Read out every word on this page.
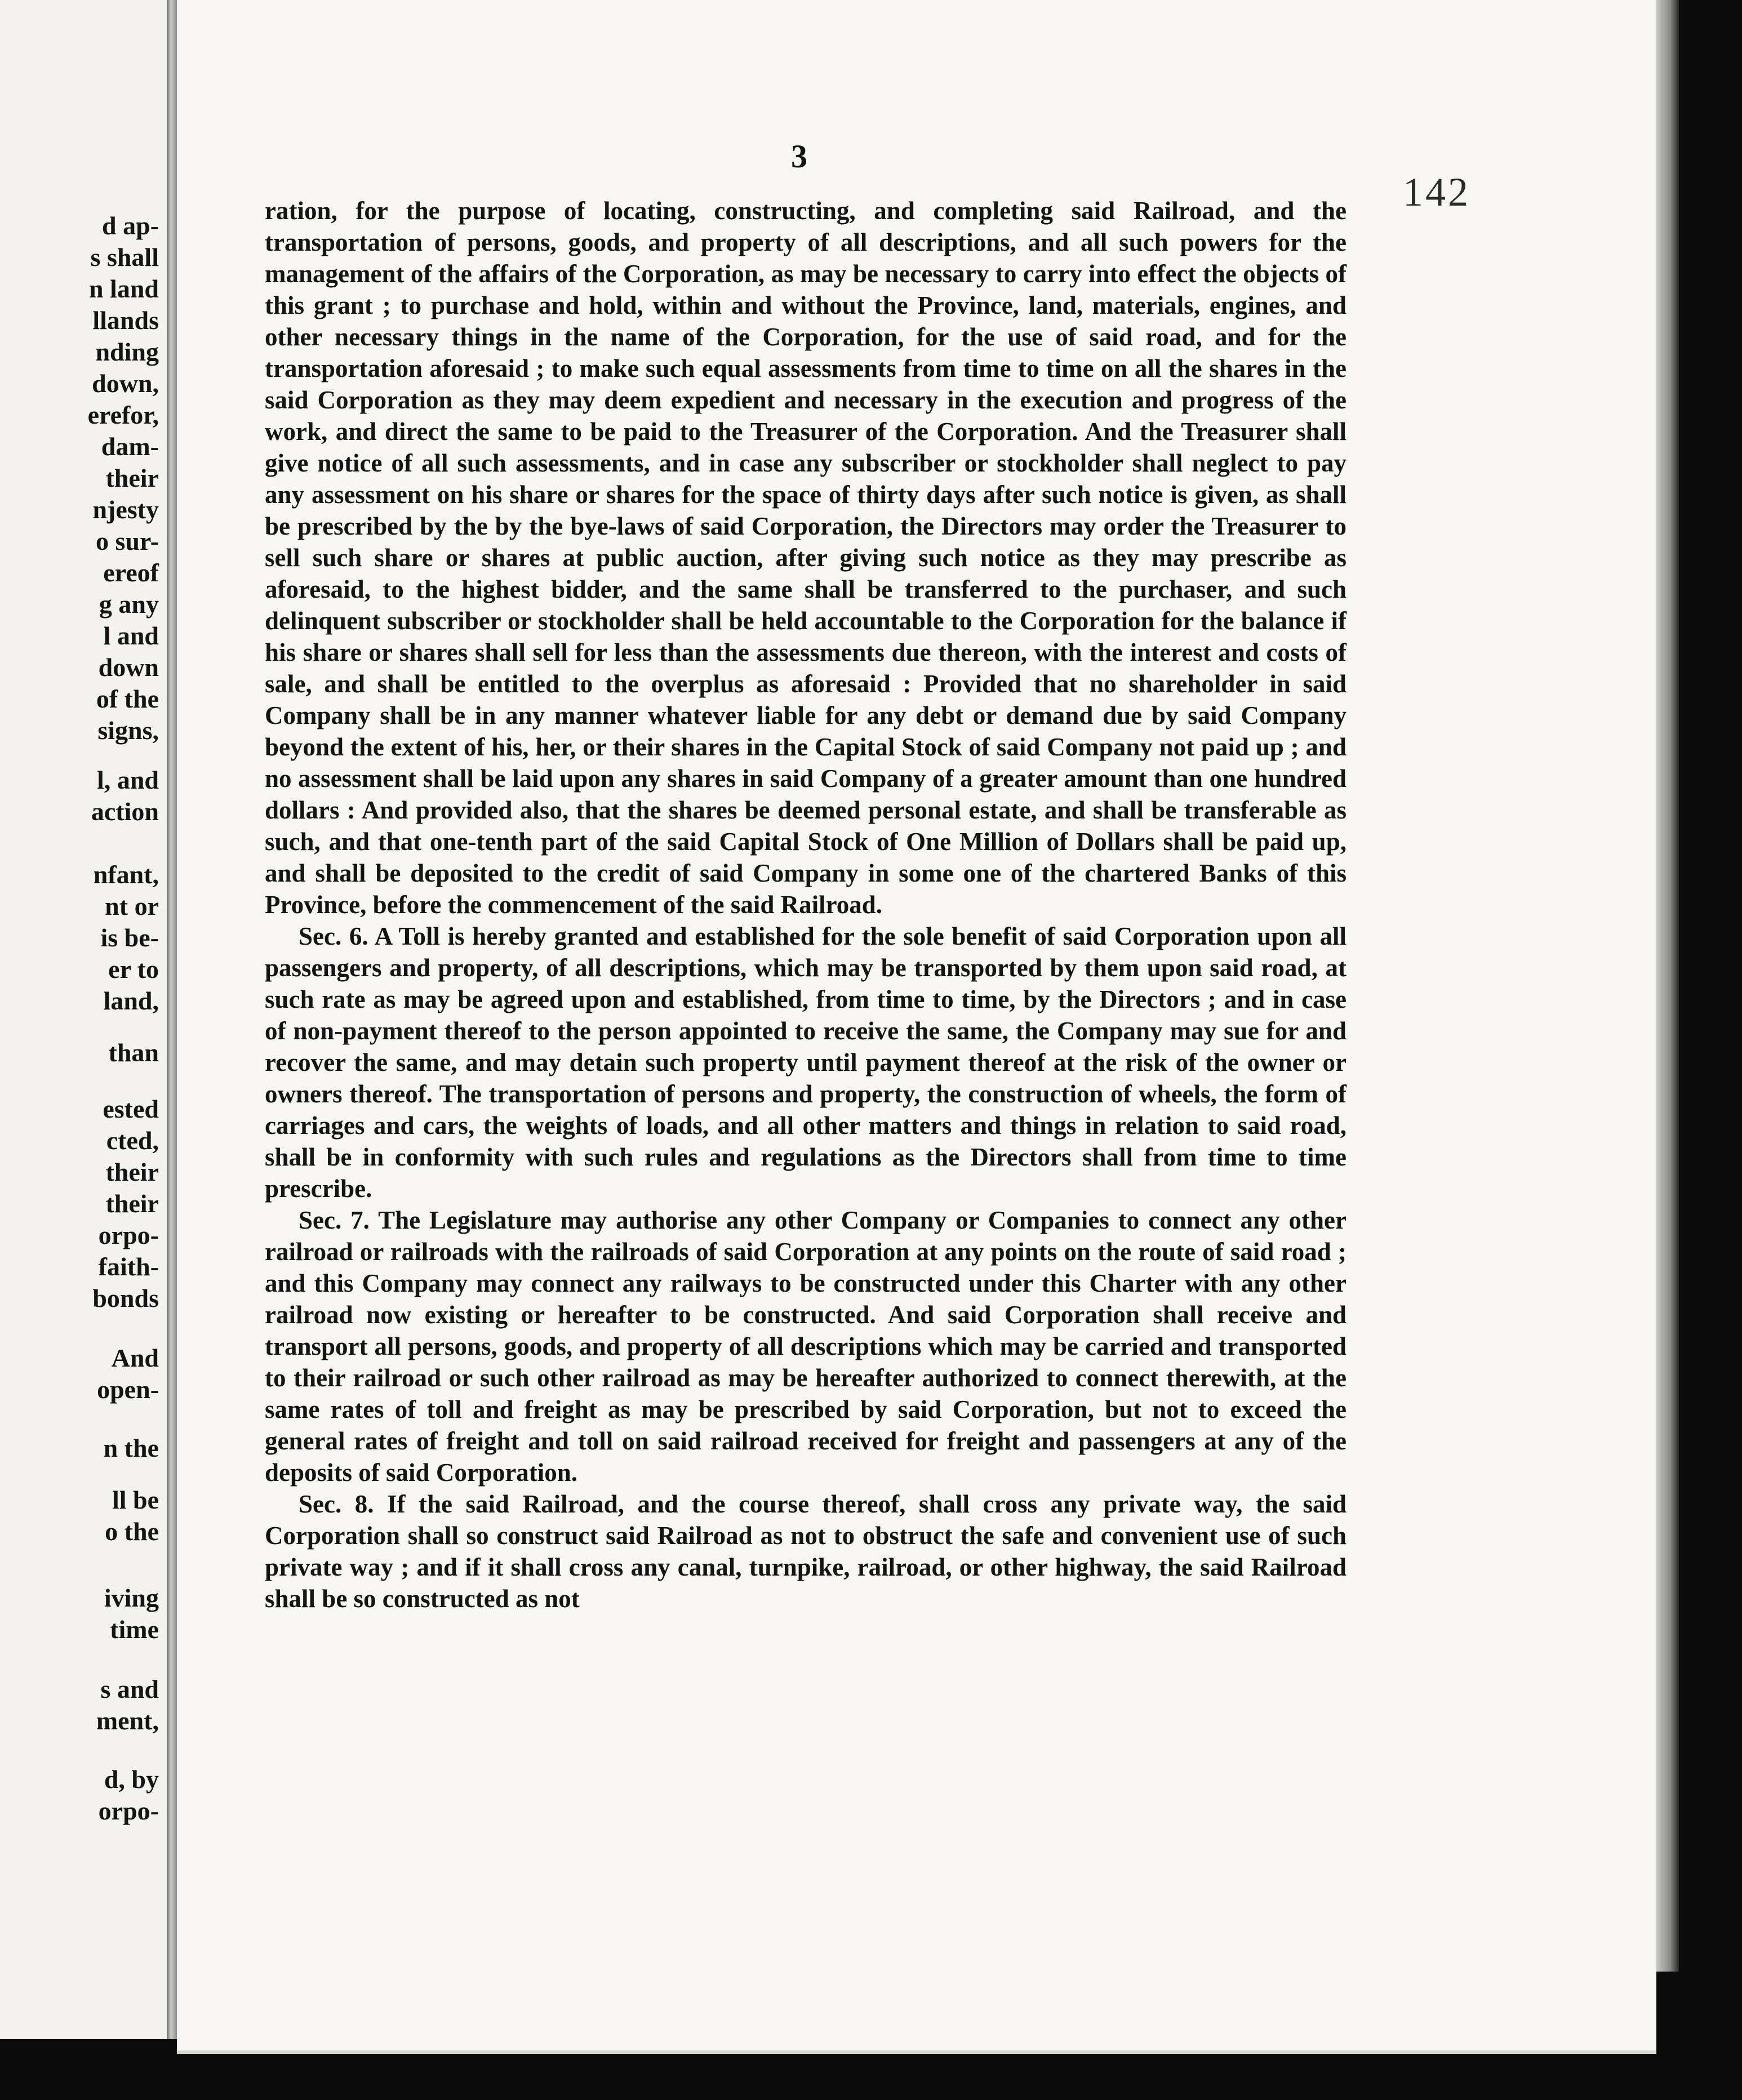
d ap-

s shall

n land

llands

nding

down,

erefor,

dam-

their

njesty

o sur-

ereof

g any

l and

down

of the

signs,

l, and

action

nfant,

nt or

is be-

er to

land,

than

ested

cted,

their

their

orpo-

faith-

bonds

And

open-

n the

ll be

o the

iving

time

s and

ment,

d, by

orpo-

3
142

ration, for the purpose of locating, constructing, and completing said Railroad, and the transportation of persons, goods, and property of all descriptions, and all such powers for the management of the affairs of the Corporation, as may be necessary to carry into effect the objects of this grant ; to purchase and hold, within and without the Province, land, materials, engines, and other necessary things in the name of the Corporation, for the use of said road, and for the transportation aforesaid ; to make such equal assessments from time to time on all the shares in the said Corporation as they may deem expedient and necessary in the execution and progress of the work, and direct the same to be paid to the Treasurer of the Corporation. And the Treasurer shall give notice of all such assessments, and in case any subscriber or stockholder shall neglect to pay any assessment on his share or shares for the space of thirty days after such notice is given, as shall be prescribed by the by the bye-laws of said Corporation, the Directors may order the Treasurer to sell such share or shares at public auction, after giving such notice as they may prescribe as aforesaid, to the highest bidder, and the same shall be transferred to the purchaser, and such delinquent subscriber or stockholder shall be held accountable to the Corporation for the balance if his share or shares shall sell for less than the assessments due thereon, with the interest and costs of sale, and shall be entitled to the overplus as aforesaid : Provided that no shareholder in said Company shall be in any manner whatever liable for any debt or demand due by said Company beyond the extent of his, her, or their shares in the Capital Stock of said Company not paid up ; and no assessment shall be laid upon any shares in said Company of a greater amount than one hundred dollars : And provided also, that the shares be deemed personal estate, and shall be transferable as such, and that one-tenth part of the said Capital Stock of One Million of Dollars shall be paid up, and shall be deposited to the credit of said Company in some one of the chartered Banks of this Province, before the commencement of the said Railroad.

Sec. 6. A Toll is hereby granted and established for the sole benefit of said Corporation upon all passengers and property, of all descriptions, which may be transported by them upon said road, at such rate as may be agreed upon and established, from time to time, by the Directors ; and in case of non-payment thereof to the person appointed to receive the same, the Company may sue for and recover the same, and may detain such property until payment thereof at the risk of the owner or owners thereof. The transportation of persons and property, the construction of wheels, the form of carriages and cars, the weights of loads, and all other matters and things in relation to said road, shall be in conformity with such rules and regulations as the Directors shall from time to time prescribe.

Sec. 7. The Legislature may authorise any other Company or Companies to connect any other railroad or railroads with the railroads of said Corporation at any points on the route of said road ; and this Company may connect any railways to be constructed under this Charter with any other railroad now existing or hereafter to be constructed. And said Corporation shall receive and transport all persons, goods, and property of all descriptions which may be carried and transported to their railroad or such other railroad as may be hereafter authorized to connect therewith, at the same rates of toll and freight as may be prescribed by said Corporation, but not to exceed the general rates of freight and toll on said railroad received for freight and passengers at any of the deposits of said Corporation.

Sec. 8. If the said Railroad, and the course thereof, shall cross any private way, the said Corporation shall so construct said Railroad as not to obstruct the safe and convenient use of such private way ; and if it shall cross any canal, turnpike, railroad, or other highway, the said Railroad shall be so constructed as not
